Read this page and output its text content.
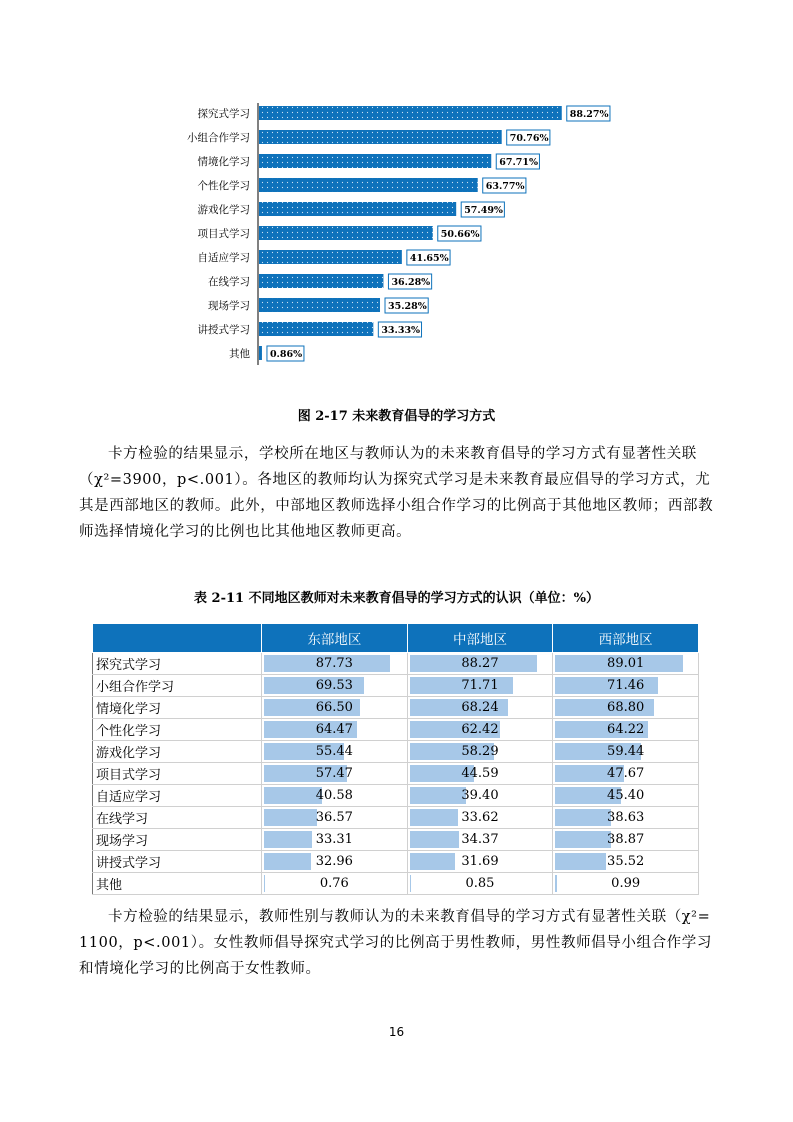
探究式学习	88.27%
小组合作学习	70.76%
情境化学习	67.71%
个性化学习	63.77%
游戏化学习	57.49%
项目式学习	50.66%
自适应学习	41.65%
在线学习	36.28%
现场学习	35.28%
讲授式学习	33.33%
其他 0.86%
图 2-17 未来教育倡导的学习方式

卡方检验的结果显示，学校所在地区与教师认为的未来教育倡导的学习方式有显著性关联（χ²=3900，p<.001）。各地区的教师均认为探究式学习是未来教育最应倡导的学习方式，尤其是西部地区的教师。此外，中部地区教师选择小组合作学习的比例高于其他地区教师；西部教师选择情境化学习的比例也比其他地区教师更高。

表 2-11 不同地区教师对未来教育倡导的学习方式的认识（单位：%）
	东部地区	中部地区	西部地区
探究式学习	87.73	88.27	89.01
小组合作学习	69.53	71.71	71.46
情境化学习	66.50	68.24	68.80
个性化学习	64.47	62.42	64.22
游戏化学习	55.44	58.29	59.44
项目式学习	57.47	44.59	47.67
自适应学习	40.58	39.40	45.40
在线学习	36.57	33.62	38.63
现场学习	33.31	34.37	38.87
讲授式学习	32.96	31.69	35.52
其他	0.76	0.85	0.99

卡方检验的结果显示，教师性别与教师认为的未来教育倡导的学习方式有显著性关联（χ²= 1100，p<.001）。女性教师倡导探究式学习的比例高于男性教师，男性教师倡导小组合作学习和情境化学习的比例高于女性教师。

16
